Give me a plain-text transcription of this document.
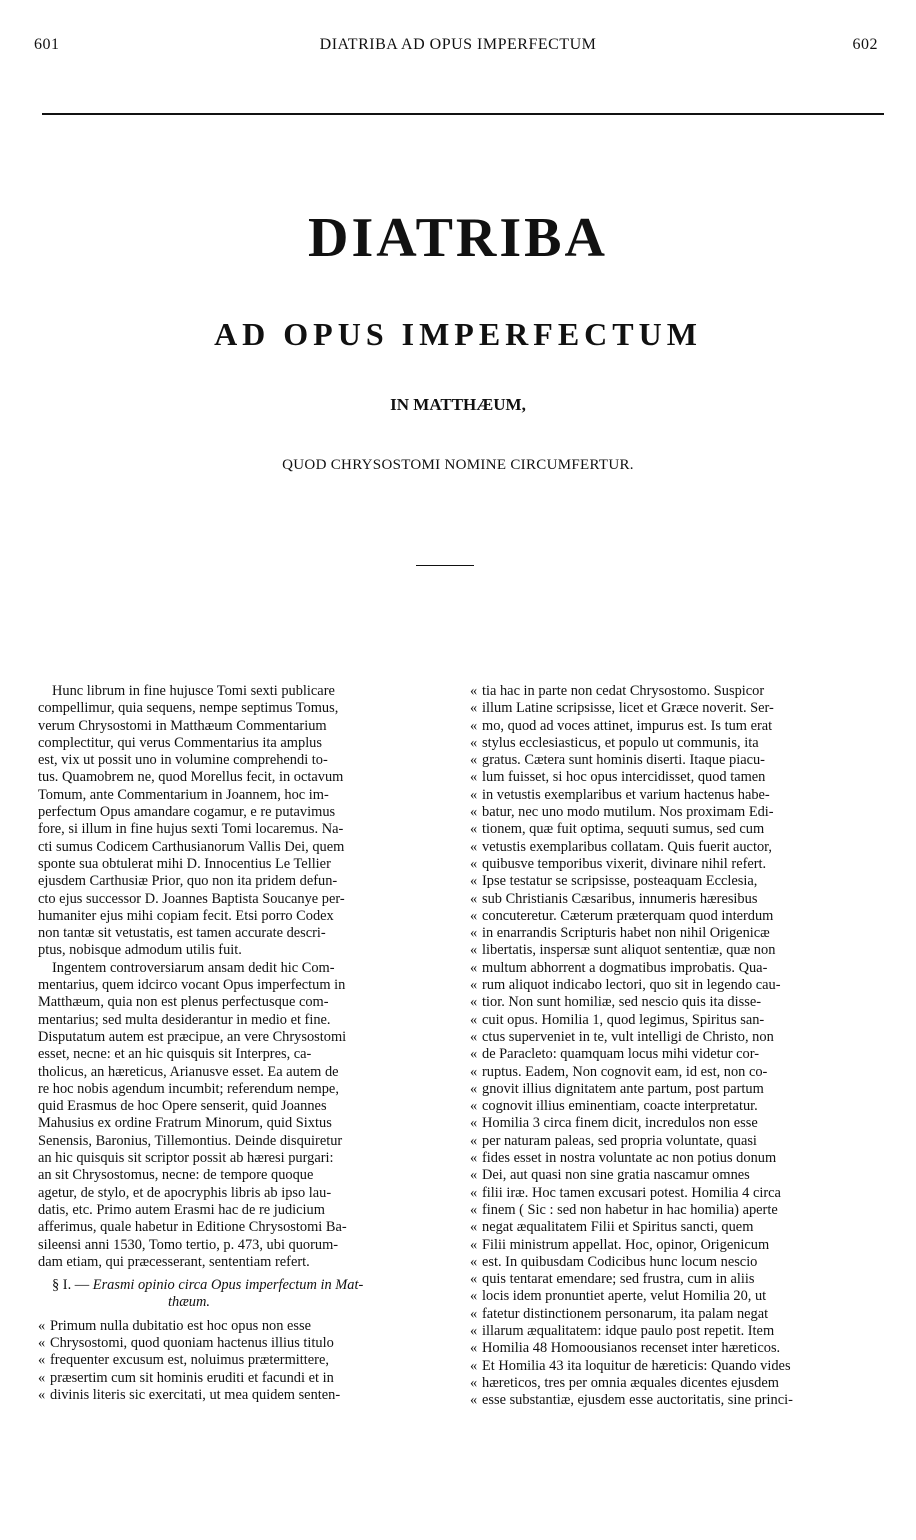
601	DIATRIBA AD OPUS IMPERFECTUM	602
DIATRIBA
AD OPUS IMPERFECTUM
IN MATTHÆUM,
QUOD CHRYSOSTOMI NOMINE CIRCUMFERTUR.
Hunc librum in fine hujusce Tomi sexti publicare
compellimur, quia sequens, nempe septimus Tomus,
verum Chrysostomi in Matthæum Commentarium
complectitur, qui verus Commentarius ita amplus
est, vix ut possit uno in volumine comprehendi to-
tus. Quamobrem ne, quod Morellus fecit, in octavum
Tomum, ante Commentarium in Joannem, hoc im-
perfectum Opus amandare cogamur, e re putavimus
fore, si illum in fine hujus sexti Tomi locaremus. Na-
cti sumus Codicem Carthusianorum Vallis Dei, quem
sponte sua obtulerat mihi D. Innocentius Le Tellier
ejusdem Carthusiæ Prior, quo non ita pridem defun-
cto ejus successor D. Joannes Baptista Soucanye per-
humaniter ejus mihi copiam fecit. Etsi porro Codex
non tantæ sit vetustatis, est tamen accurate descri-
ptus, nobisque admodum utilis fuit.
Ingentem controversiarum ansam dedit hic Com-
mentarius, quem idcirco vocant Opus imperfectum in
Matthæum, quia non est plenus perfectusque com-
mentarius; sed multa desiderantur in medio et fine.
Disputatum autem est præcipue, an vere Chrysostomi
esset, necne: et an hic quisquis sit Interpres, ca-
tholicus, an hæreticus, Arianusve esset. Ea autem de
re hoc nobis agendum incumbit; referendum nempe,
quid Erasmus de hoc Opere senserit, quid Joannes
Mahusius ex ordine Fratrum Minorum, quid Sixtus
Senensis, Baronius, Tillemontius. Deinde disquiretur
an hic quisquis sit scriptor possit ab hæresi purgari:
an sit Chrysostomus, necne: de tempore quoque
agetur, de stylo, et de apocryphis libris ab ipso lau-
datis, etc. Primo autem Erasmi hac de re judicium
afferimus, quale habetur in Editione Chrysostomi Ba-
sileensi anni 1530, Tomo tertio, p. 473, ubi quorum-
dam etiam, qui præcesserant, sententiam refert.
§ I. — Erasmi opinio circa Opus imperfectum in Mat-
thæum.
« Primum nulla dubitatio est hoc opus non esse
« Chrysostomi, quod quoniam hactenus illius titulo
« frequenter excusum est, noluimus prætermittere,
« præsertim cum sit hominis eruditi et facundi et in
« divinis literis sic exercitati, ut mea quidem senten-
« tia hac in parte non cedat Chrysostomo. Suspicor
« illum Latine scripsisse, licet et Græce noverit. Ser-
« mo, quod ad voces attinet, impurus est. Is tum erat
« stylus ecclesiasticus, et populo ut communis, ita
« gratus. Cætera sunt hominis diserti. Itaque piacu-
« lum fuisset, si hoc opus intercidisset, quod tamen
« in vetustis exemplaribus et varium hactenus habe-
« batur, nec uno modo mutilum. Nos proximam Edi-
« tionem, quæ fuit optima, sequuti sumus, sed cum
« vetustis exemplaribus collatam. Quis fuerit auctor,
« quibusve temporibus vixerit, divinare nihil refert.
« Ipse testatur se scripsisse, posteaquam Ecclesia,
« sub Christianis Cæsaribus, innumeris hæresibus
« concuteretur. Cæterum præterquam quod interdum
« in enarrandis Scripturis habet non nihil Origenicæ
« libertatis, inspersæ sunt aliquot sententiæ, quæ non
« multum abhorrent a dogmatibus improbatis. Qua-
« rum aliquot indicabo lectori, quo sit in legendo cau-
« tior. Non sunt homiliæ, sed nescio quis ita disse-
« cuit opus. Homilia 1, quod legimus, Spiritus san-
« ctus superveniet in te, vult intelligi de Christo, non
« de Paracleto: quamquam locus mihi videtur cor-
« ruptus. Eadem, Non cognovit eam, id est, non co-
« gnovit illius dignitatem ante partum, post partum
« cognovit illius eminentiam, coacte interpretatur.
« Homilia 3 circa finem dicit, incredulos non esse
« per naturam paleas, sed propria voluntate, quasi
« fides esset in nostra voluntate ac non potius donum
« Dei, aut quasi non sine gratia nascamur omnes
« filii iræ. Hoc tamen excusari potest. Homilia 4 circa
« finem ( Sic : sed non habetur in hac homilia) aperte
« negat æqualitatem Filii et Spiritus sancti, quem
« Filii ministrum appellat. Hoc, opinor, Origenicum
« est. In quibusdam Codicibus hunc locum nescio
« quis tentarat emendare; sed frustra, cum in aliis
« locis idem pronuntiet aperte, velut Homilia 20, ut
« fatetur distinctionem personarum, ita palam negat
« illarum æqualitatem: idque paulo post repetit. Item
« Homilia 48 Homoousianos recenset inter hæreticos.
« Et Homilia 43 ita loquitur de hæreticis: Quando vides
« hæreticos, tres per omnia æquales dicentes ejusdem
« esse substantiæ, ejusdem esse auctoritatis, sine princi-
